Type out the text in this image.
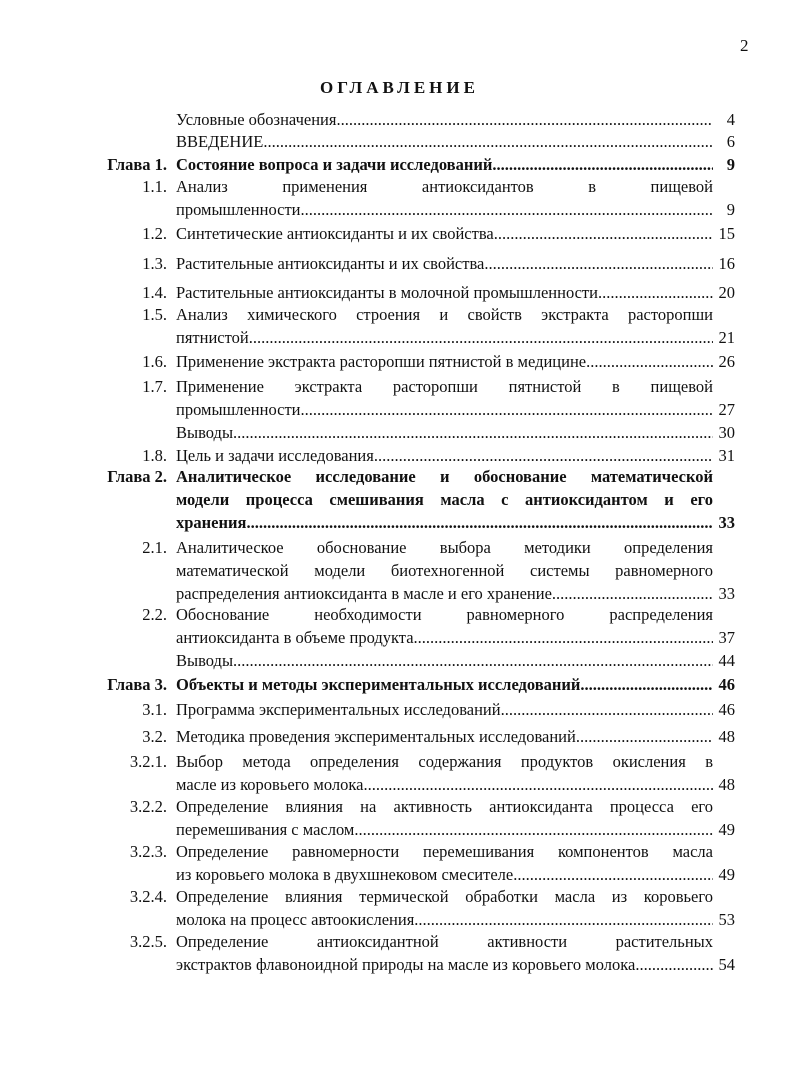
2
ОГЛАВЛЕНИЕ
Условные обозначения .....	4
ВВЕДЕНИЕ .....	6
Глава 1. Состояние вопроса и задачи исследований .....	9
1.1. Анализ применения антиоксидантов в пищевой
промышленности .....	9
1.2. Синтетические антиоксиданты и их свойства .....	15
1.3. Растительные антиоксиданты и их свойства .....	16
1.4. Растительные антиоксиданты в молочной промышленности .....	20
1.5. Анализ химического строения и свойств экстракта расторопши
пятнистой .....	21
1.6. Применение экстракта расторопши пятнистой в медицине .....	26
1.7. Применение экстракта расторопши пятнистой в пищевой
промышленности .....	27
Выводы .....	30
1.8. Цель и задачи исследования .....	31
Глава 2. Аналитическое исследование и обоснование математической
модели процесса смешивания масла с антиоксидантом и его
хранения .....	33
2.1. Аналитическое обоснование выбора методики определения
математической модели биотехногенной системы равномерного
распределения антиоксиданта в масле и его хранение .....	33
2.2. Обоснование необходимости равномерного распределения
антиоксиданта в объеме продукта .....	37
Выводы .....	44
Глава 3. Объекты и методы экспериментальных исследований .....	46
3.1. Программа экспериментальных исследований .....	46
3.2. Методика проведения экспериментальных исследований .....	48
3.2.1. Выбор метода определения содержания продуктов окисления в
масле из коровьего молока .....	48
3.2.2. Определение влияния на активность антиоксиданта процесса его
перемешивания с маслом .....	49
3.2.3. Определение равномерности перемешивания компонентов масла
из коровьего молока в двухшнековом смесителе .....	49
3.2.4. Определение влияния термической обработки масла из коровьего
молока на процесс автоокисления .....	53
3.2.5. Определение антиоксидантной активности растительных
экстрактов флавоноидной природы на масле из коровьего молока.. .....	54
